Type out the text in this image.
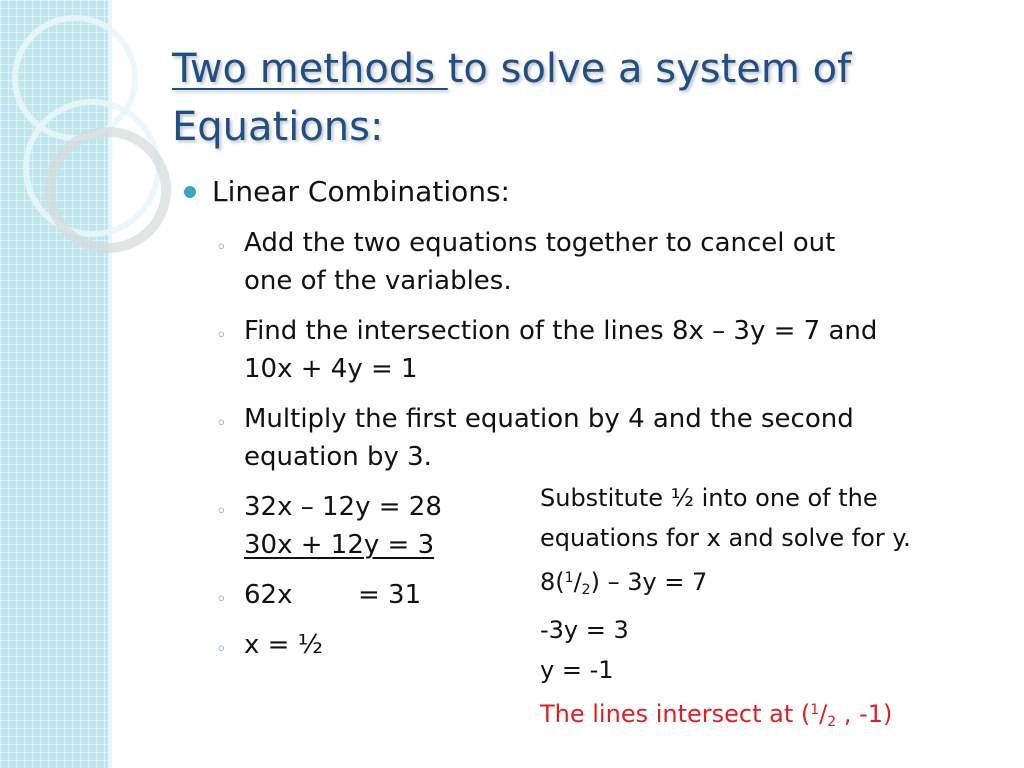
Two methods to solve a system of
Equations:
Linear Combinations:
◦ Add the two equations together to cancel out
one of the variables.
◦ Find the intersection of the lines 8x – 3y = 7 and
10x + 4y = 1
◦ Multiply the first equation by 4 and the second
equation by 3.
◦ 32x – 12y = 28
30x + 12y = 3
◦ 62x	= 31
◦ x = ½
Substitute ½ into one of the
equations for x and solve for y.
$8(^1/_2) - 3y = 7$
-3y = 3
y = -1
The lines intersect at ($^1/_2$ , -1)
